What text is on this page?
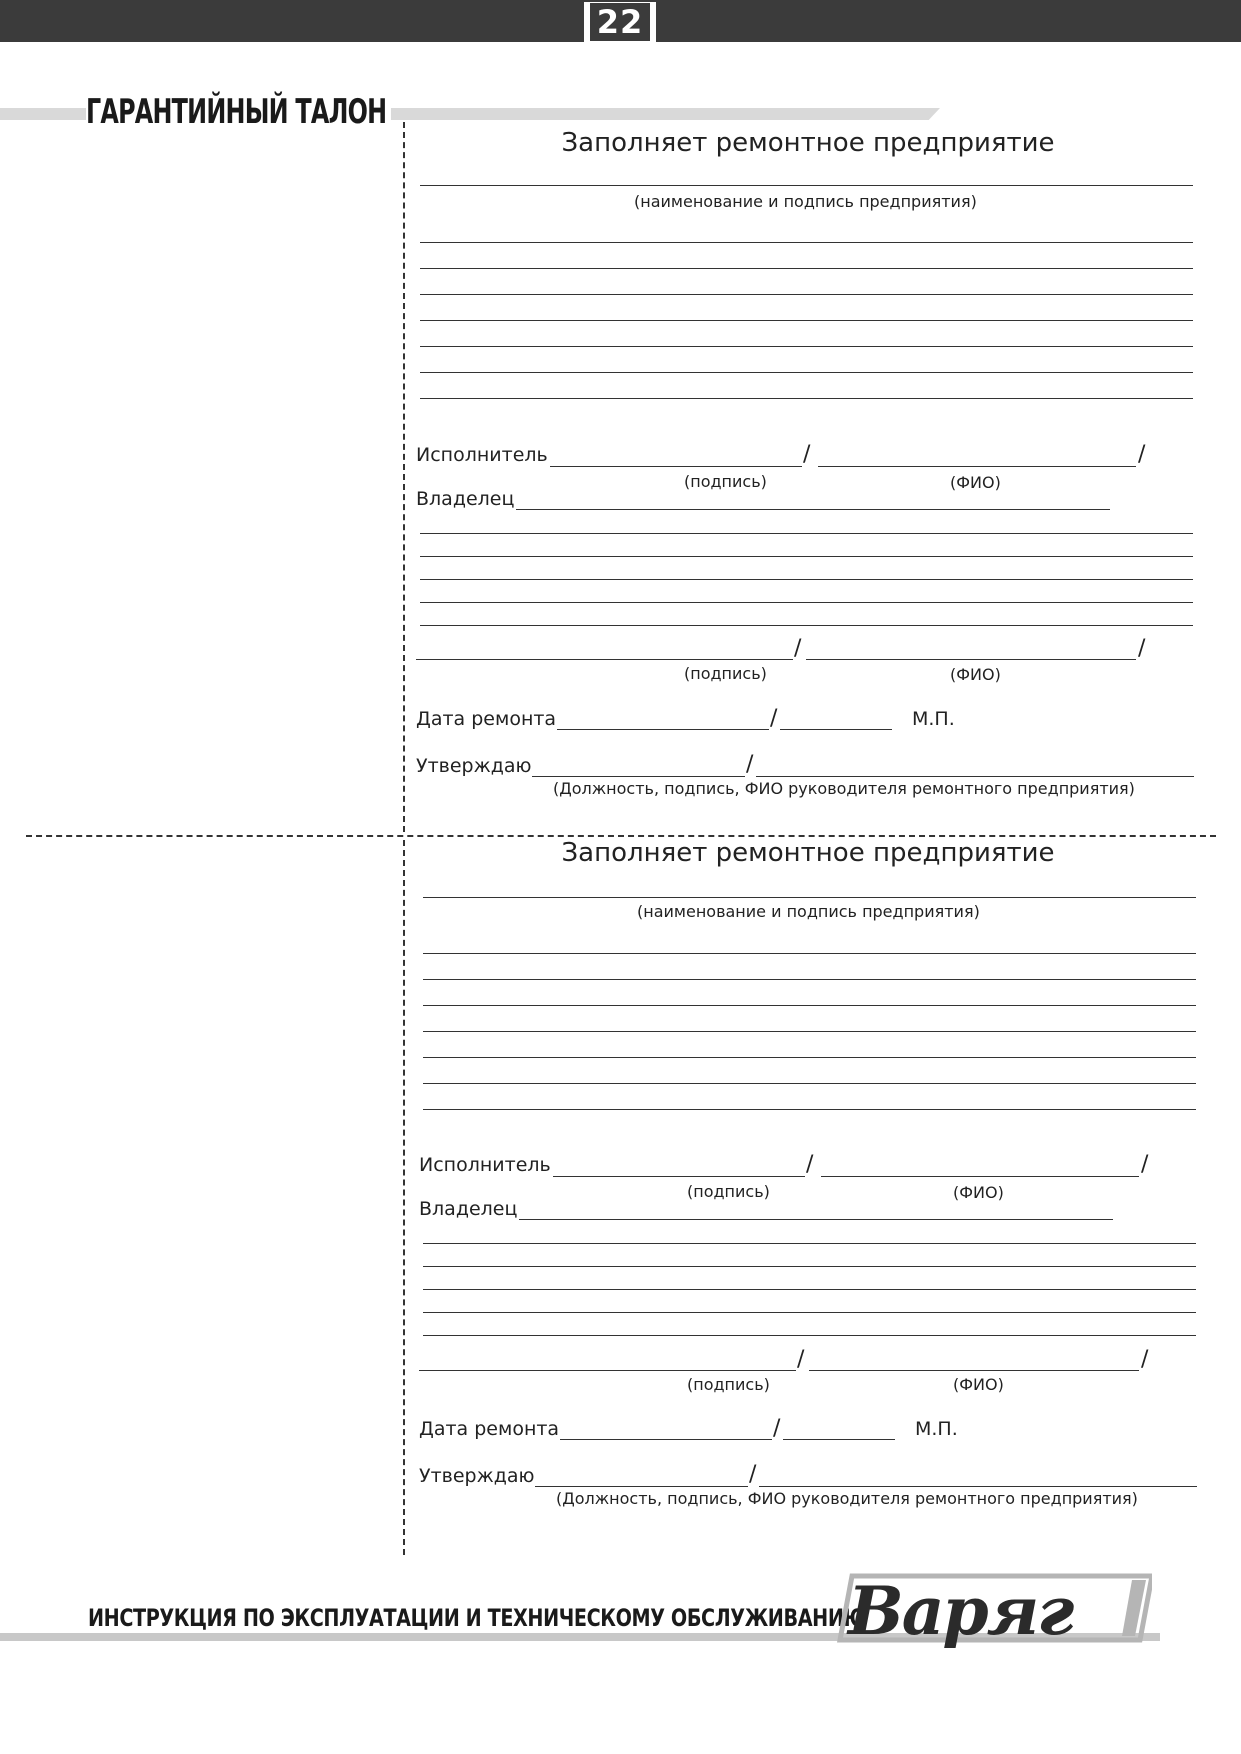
22
ГАРАНТИЙНЫЙ ТАЛОН
Заполняет ремонтное предприятие
(наименование и подпись предприятия)
Исполнитель	/	/
(подпись)	(ФИО)
Владелец
/	/
(подпись)	(ФИО)
Дата ремонта	/	М.П.
Утверждаю	/
(Должность, подпись, ФИО руководителя ремонтного предприятия)
Заполняет ремонтное предприятие
(наименование и подпись предприятия)
Исполнитель	/	/
(подпись)	(ФИО)
Владелец
/	/
(подпись)	(ФИО)
Дата ремонта	/	М.П.
Утверждаю	/
(Должность, подпись, ФИО руководителя ремонтного предприятия)
ИНСТРУКЦИЯ ПО ЭКСПЛУАТАЦИИ И ТЕХНИЧЕСКОМУ ОБСЛУЖИВАНИЮ
Варяг
